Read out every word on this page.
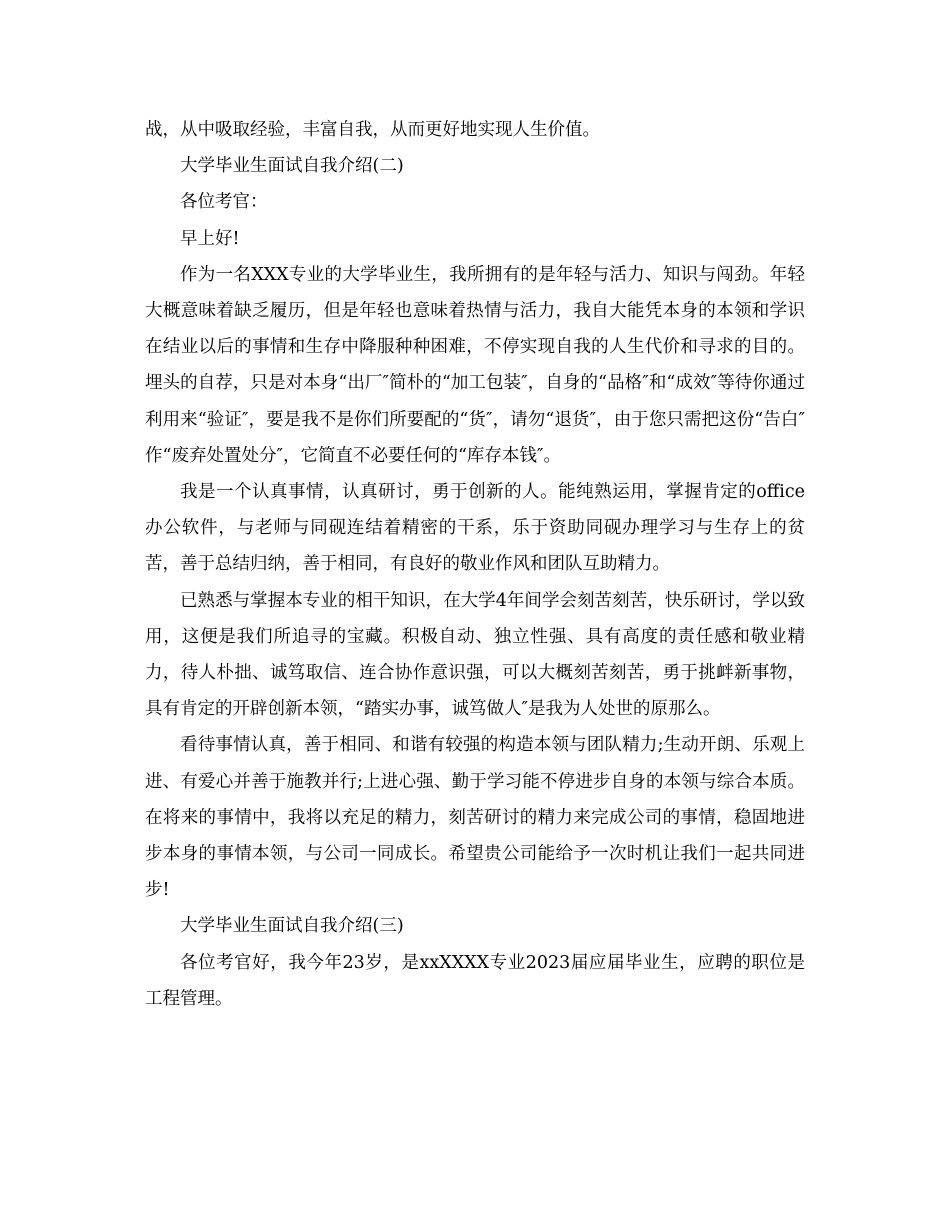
战，从中吸取经验，丰富自我，从而更好地实现人生价值。

大学毕业生面试自我介绍(二)

各位考官：

早上好!

作为一名XXX专业的大学毕业生，我所拥有的是年轻与活力、知识与闯劲。年轻大概意味着缺乏履历，但是年轻也意味着热情与活力，我自大能凭本身的本领和学识在结业以后的事情和生存中降服种种困难，不停实现自我的人生代价和寻求的目的。 埋头的自荐，只是对本身“出厂″简朴的“加工包装″，自身的“品格″和“成效″等待你通过利用来“验证″，要是我不是你们所要配的“货″，请勿“退货″，由于您只需把这份“告白″作“废弃处置处分″，它简直不必要任何的“库存本钱″。

我是一个认真事情，认真研讨，勇于创新的人。能纯熟运用，掌握肯定的office办公软件，与老师与同砚连结着精密的干系，乐于资助同砚办理学习与生存上的贫苦，善于总结归纳，善于相同，有良好的敬业作风和团队互助精力。

已熟悉与掌握本专业的相干知识，在大学4年间学会刻苦刻苦，快乐研讨，学以致用，这便是我们所追寻的宝藏。积极自动、独立性强、具有高度的责任感和敬业精力，待人朴拙、诚笃取信、连合协作意识强，可以大概刻苦刻苦，勇于挑衅新事物，具有肯定的开辟创新本领，“踏实办事，诚笃做人″是我为人处世的原那么。

看待事情认真，善于相同、和谐有较强的构造本领与团队精力;生动开朗、乐观上进、有爱心并善于施教并行;上进心强、勤于学习能不停进步自身的本领与综合本质。在将来的事情中，我将以充足的精力，刻苦研讨的精力来完成公司的事情，稳固地进步本身的事情本领，与公司一同成长。希望贵公司能给予一次时机让我们一起共同进步!

大学毕业生面试自我介绍(三)

各位考官好，我今年23岁，是xxXXXX专业2023届应届毕业生，应聘的职位是工程管理。
